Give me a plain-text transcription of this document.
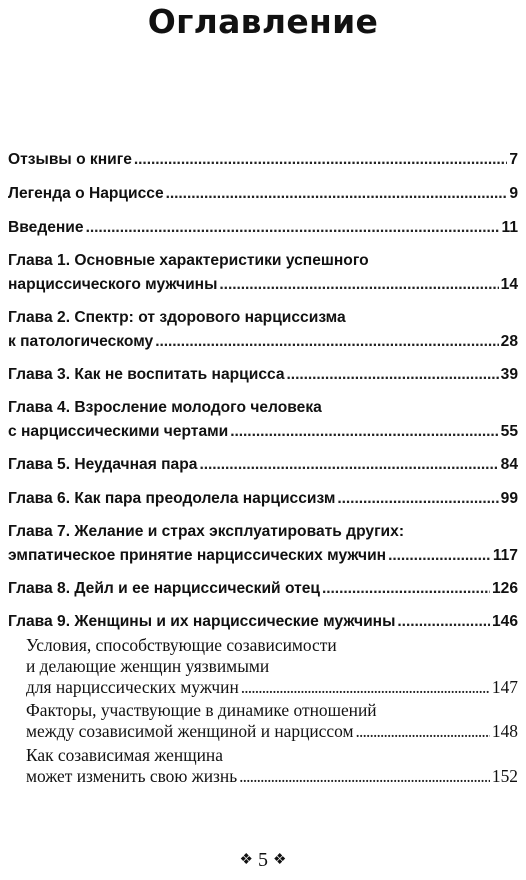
Оглавление
Отзывы о книге . . .	7
Легенда о Нарциссе . . .	9
Введение . . .	11
Глава 1. Основные характеристики успешного
нарциссического мужчины . . .	14
Глава 2. Спектр: от здорового нарциссизма
к патологическому . . .	28
Глава 3. Как не воспитать нарцисса . . .	39
Глава 4. Взросление молодого человека
с нарциссическими чертами . . .	55
Глава 5. Неудачная пара . . .	84
Глава 6. Как пара преодолела нарциссизм . . .	99
Глава 7. Желание и страх эксплуатировать других:
эмпатическое принятие нарциссических мужчин . . .	117
Глава 8. Дейл и ее нарциссический отец . . .	126
Глава 9. Женщины и их нарциссические мужчины . . .	146
Условия, способствующие созависимости
и делающие женщин уязвимыми
для нарциссических мужчин . . .	147
Факторы, участвующие в динамике отношений
между созависимой женщиной и нарциссом . . .	148
Как созависимая женщина
может изменить свою жизнь . . .	152
❖ 5 ❖
